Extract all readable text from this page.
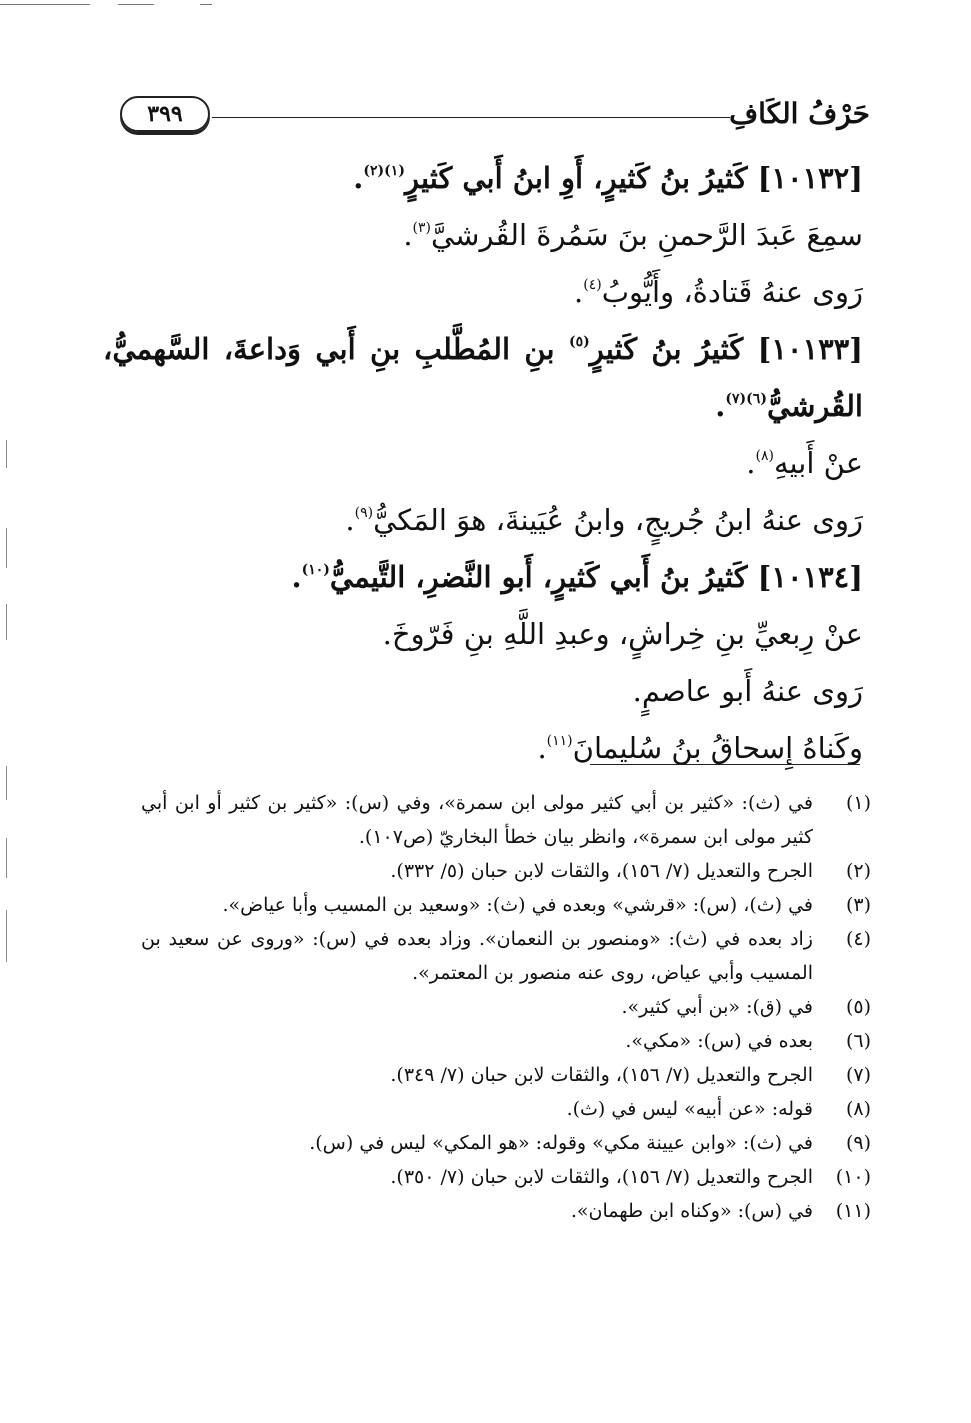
حَرْفُ الكَافِ
٣٩٩
[١٠١٣٢] كَثيرُ بنُ كَثيرٍ، أَوِ ابنُ أَبي كَثيرٍ$^{(١)(٢)}$.
سمِعَ عَبدَ الرَّحمنِ بنَ سَمُرةَ القُرشيَّ$^{(٣)}$.
رَوى عنهُ قَتادةُ، وأَيُّوبُ$^{(٤)}$.
[١٠١٣٣] كَثيرُ بنُ كَثيرٍ$^{(٥)}$ بنِ المُطَّلبِ بنِ أَبي وَداعةَ، السَّهميُّ، القُرشيُّ$^{(٦)(٧)}$.
عنْ أَبيهِ$^{(٨)}$.
رَوى عنهُ ابنُ جُريجٍ، وابنُ عُيَينةَ، هوَ المَكيُّ$^{(٩)}$.
[١٠١٣٤] كَثيرُ بنُ أَبي كَثيرٍ، أَبو النَّضرِ، التَّيميُّ$^{(١٠)}$.
عنْ رِبعيِّ بنِ خِراشٍ، وعبدِ اللَّهِ بنِ فَرّوخَ.
رَوى عنهُ أَبو عاصمٍ.
وكَناهُ إِسحاقُ بنُ سُليمانَ$^{(١١)}$.
(١)
في (ث): «كثير بن أبي كثير مولى ابن سمرة»، وفي (س): «كثير بن كثير أو ابن أبي كثير مولى ابن سمرة»، وانظر بيان خطأ البخاريّ (ص١٠٧).
(٢)
الجرح والتعديل (٧/ ١٥٦)، والثقات لابن حبان (٥/ ٣٣٢).
(٣)
في (ث)، (س): «قرشي» وبعده في (ث): «وسعيد بن المسيب وأبا عياض».
(٤)
زاد بعده في (ث): «ومنصور بن النعمان». وزاد بعده في (س): «وروى عن سعيد بن المسيب وأبي عياض، روى عنه منصور بن المعتمر».
(٥)
في (ق): «بن أبي كثير».
(٦)
بعده في (س): «مكي».
(٧)
الجرح والتعديل (٧/ ١٥٦)، والثقات لابن حبان (٧/ ٣٤٩).
(٨)
قوله: «عن أبيه» ليس في (ث).
(٩)
في (ث): «وابن عيينة مكي» وقوله: «هو المكي» ليس في (س).
(١٠)
الجرح والتعديل (٧/ ١٥٦)، والثقات لابن حبان (٧/ ٣٥٠).
(١١)
في (س): «وكناه ابن طهمان».
